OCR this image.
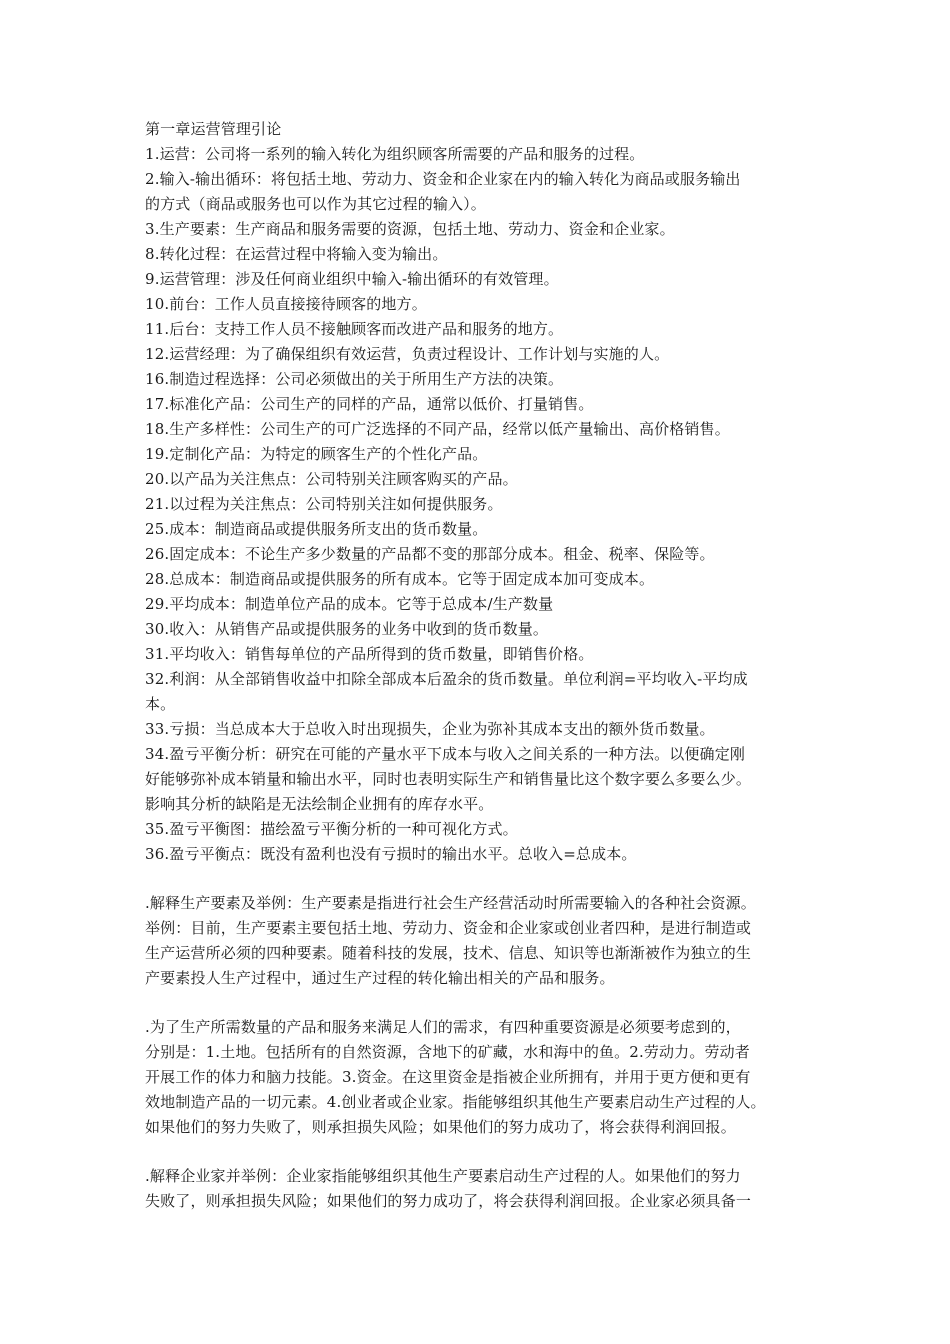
第一章运营管理引论
1.运营：公司将一系列的输入转化为组织顾客所需要的产品和服务的过程。
2.输入-输出循环：将包括土地、劳动力、资金和企业家在内的输入转化为商品或服务输出
的方式（商品或服务也可以作为其它过程的输入）。
3.生产要素：生产商品和服务需要的资源，包括土地、劳动力、资金和企业家。
8.转化过程：在运营过程中将输入变为输出。
9.运营管理：涉及任何商业组织中输入-输出循环的有效管理。
10.前台：工作人员直接接待顾客的地方。
11.后台：支持工作人员不接触顾客而改进产品和服务的地方。
12.运营经理：为了确保组织有效运营，负责过程设计、工作计划与实施的人。
16.制造过程选择：公司必须做出的关于所用生产方法的决策。
17.标准化产品：公司生产的同样的产品，通常以低价、打量销售。
18.生产多样性：公司生产的可广泛选择的不同产品，经常以低产量输出、高价格销售。
19.定制化产品：为特定的顾客生产的个性化产品。
20.以产品为关注焦点：公司特别关注顾客购买的产品。
21.以过程为关注焦点：公司特别关注如何提供服务。
25.成本：制造商品或提供服务所支出的货币数量。
26.固定成本：不论生产多少数量的产品都不变的那部分成本。租金、税率、保险等。
28.总成本：制造商品或提供服务的所有成本。它等于固定成本加可变成本。
29.平均成本：制造单位产品的成本。它等于总成本/生产数量
30.收入：从销售产品或提供服务的业务中收到的货币数量。
31.平均收入：销售每单位的产品所得到的货币数量，即销售价格。
32.利润：从全部销售收益中扣除全部成本后盈余的货币数量。单位利润=平均收入-平均成
本。
33.亏损：当总成本大于总收入时出现损失，企业为弥补其成本支出的额外货币数量。
34.盈亏平衡分析：研究在可能的产量水平下成本与收入之间关系的一种方法。以便确定刚
好能够弥补成本销量和输出水平，同时也表明实际生产和销售量比这个数字要么多要么少。
影响其分析的缺陷是无法绘制企业拥有的库存水平。
35.盈亏平衡图：描绘盈亏平衡分析的一种可视化方式。
36.盈亏平衡点：既没有盈利也没有亏损时的输出水平。总收入=总成本。
.解释生产要素及举例：生产要素是指进行社会生产经营活动时所需要输入的各种社会资源。
举例：目前，生产要素主要包括土地、劳动力、资金和企业家或创业者四种，是进行制造或
生产运营所必须的四种要素。随着科技的发展，技术、信息、知识等也渐渐被作为独立的生
产要素投人生产过程中，通过生产过程的转化输出相关的产品和服务。
.为了生产所需数量的产品和服务来满足人们的需求，有四种重要资源是必须要考虑到的，
分别是：1.土地。包括所有的自然资源，含地下的矿藏，水和海中的鱼。2.劳动力。劳动者
开展工作的体力和脑力技能。3.资金。在这里资金是指被企业所拥有，并用于更方便和更有
效地制造产品的一切元素。4.创业者或企业家。指能够组织其他生产要素启动生产过程的人。
如果他们的努力失败了，则承担损失风险；如果他们的努力成功了，将会获得利润回报。
.解释企业家并举例：企业家指能够组织其他生产要素启动生产过程的人。如果他们的努力
失败了，则承担损失风险；如果他们的努力成功了，将会获得利润回报。企业家必须具备一
